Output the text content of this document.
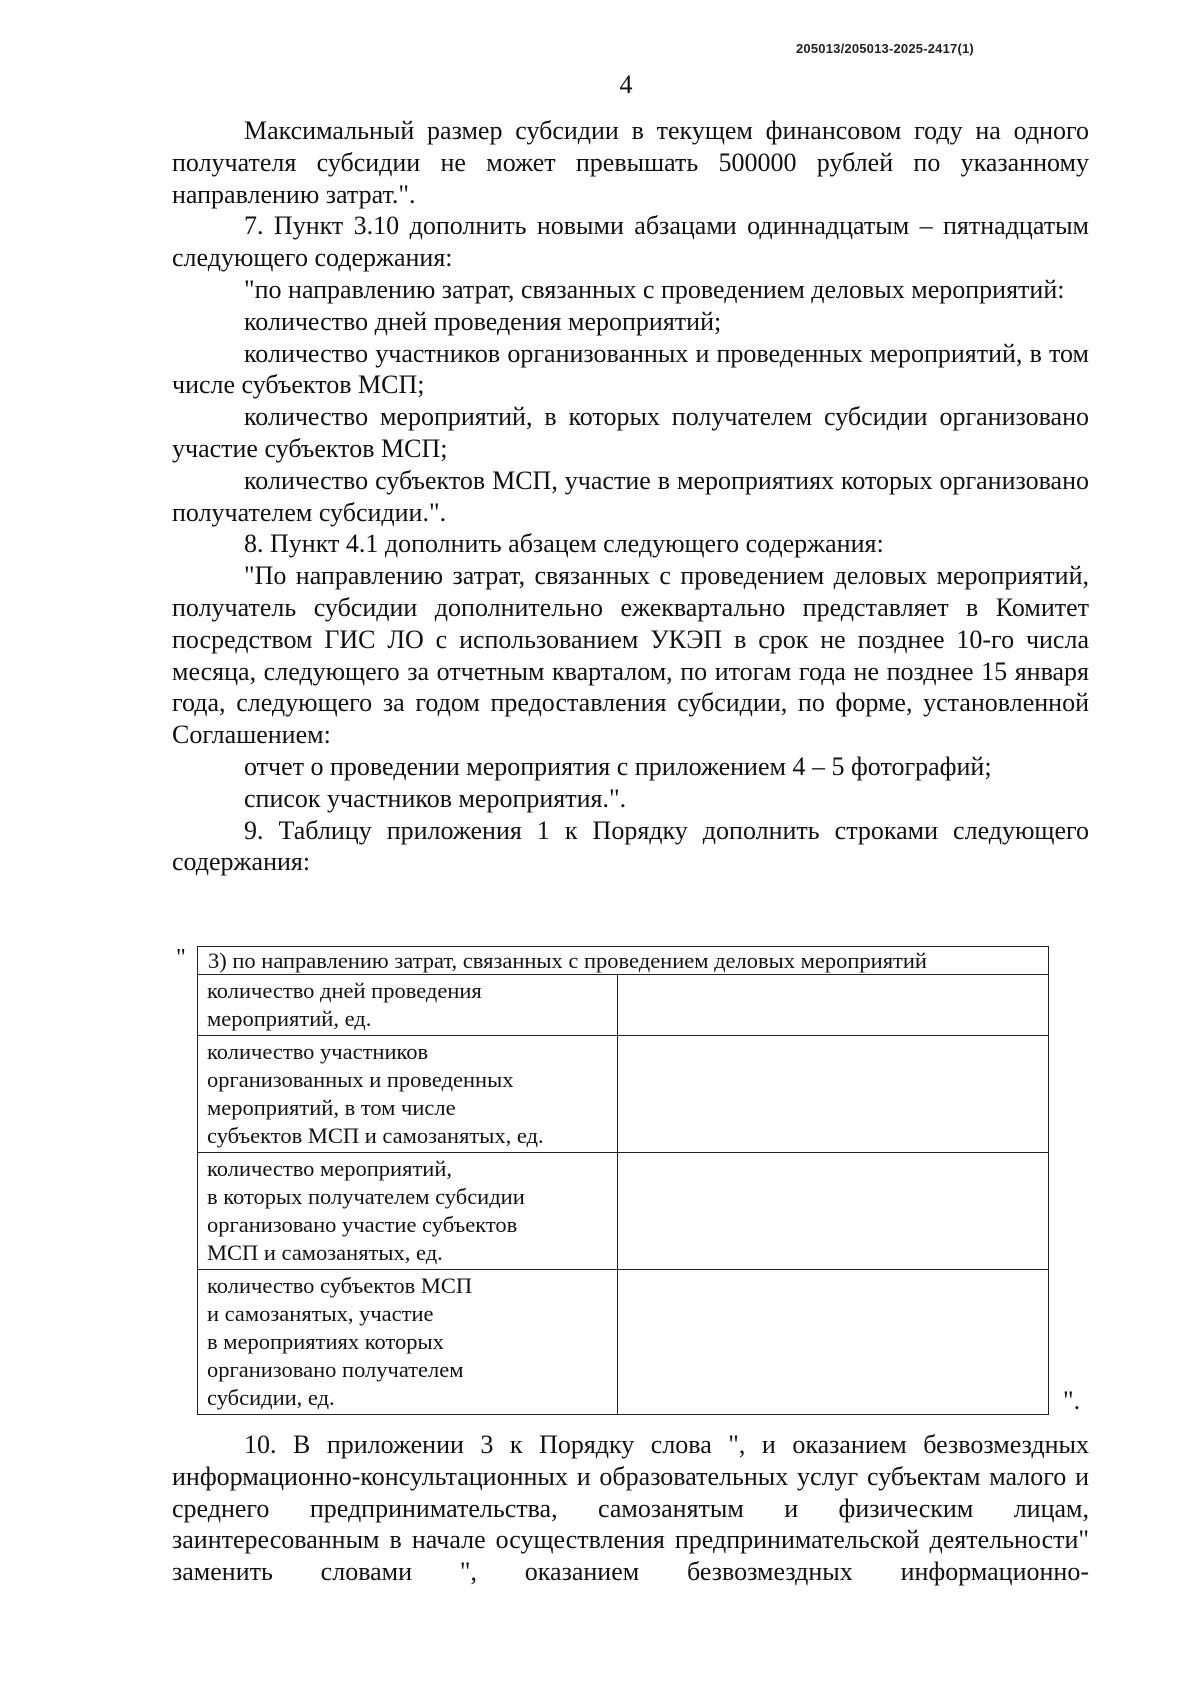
205013/205013-2025-2417(1)
4

Максимальный размер субсидии в текущем финансовом году на одного получателя субсидии не может превышать 500000 рублей по указанному направлению затрат.".

7. Пункт 3.10 дополнить новыми абзацами одиннадцатым – пятнадцатым следующего содержания:

"по направлению затрат, связанных с проведением деловых мероприятий:

количество дней проведения мероприятий;

количество участников организованных и проведенных мероприятий, в том числе субъектов МСП;

количество мероприятий, в которых получателем субсидии организовано участие субъектов МСП;

количество субъектов МСП, участие в мероприятиях которых организовано получателем субсидии.".

8. Пункт 4.1 дополнить абзацем следующего содержания:

"По направлению затрат, связанных с проведением деловых мероприятий, получатель субсидии дополнительно ежеквартально представляет в Комитет посредством ГИС ЛО с использованием УКЭП в срок не позднее 10-го числа месяца, следующего за отчетным кварталом, по итогам года не позднее 15 января года, следующего за годом предоставления субсидии, по форме, установленной Соглашением:

отчет о проведении мероприятия с приложением 4 – 5 фотографий;

список участников мероприятия.".

9. Таблицу приложения 1 к Порядку дополнить строками следующего содержания:

" 3) по направлению затрат, связанных с проведением деловых мероприятий	

количество дней проведения
мероприятий, ед.	

количество участников
организованных и проведенных
мероприятий, в том числе
субъектов МСП и самозанятых, ед.	

количество мероприятий,
в которых получателем субсидии
организовано участие субъектов
МСП и самозанятых, ед.	

количество субъектов МСП
и самозанятых, участие
в мероприятиях которых
организовано получателем
субсидии, ед.	
		".

10. В приложении 3 к Порядку слова ", и оказанием безвозмездных информационно-консультационных и образовательных услуг субъектам малого и среднего предпринимательства, самозанятым и физическим лицам, заинтересованным в начале осуществления предпринимательской деятельности" заменить словами ", оказанием безвозмездных информационно-
